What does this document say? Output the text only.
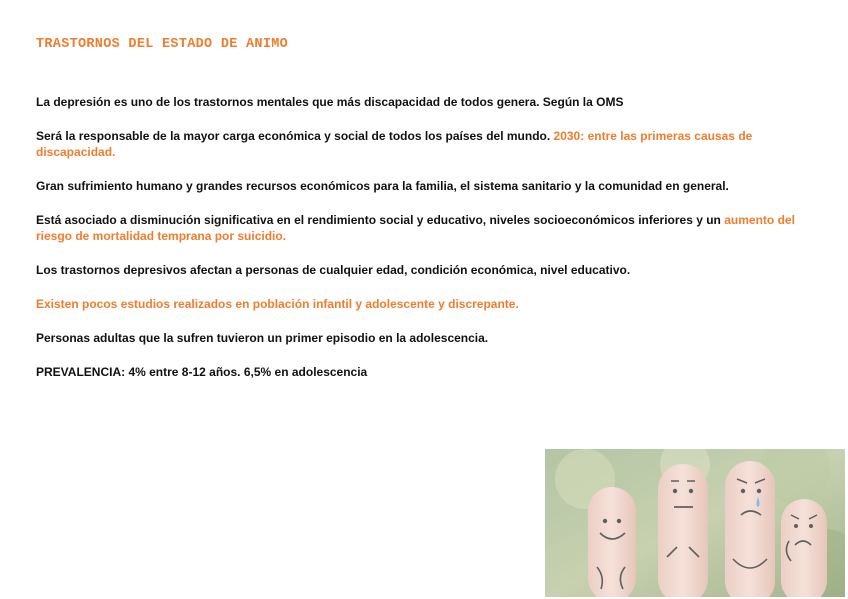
TRASTORNOS DEL ESTADO DE ANIMO

La depresión es uno de los trastornos mentales que más discapacidad de todos genera. Según la OMS

Será la responsable de la mayor carga económica y social de todos los países del mundo. 2030: entre las primeras causas de discapacidad.

Gran sufrimiento humano y grandes recursos económicos para la familia, el sistema sanitario y la comunidad en general.

Está asociado a disminución significativa en el rendimiento social y educativo, niveles socioeconómicos inferiores y un aumento del riesgo de mortalidad temprana por suicidio.

Los trastornos depresivos afectan a personas de cualquier edad, condición económica, nivel educativo.

Existen pocos estudios realizados en población infantil y adolescente y discrepante.

Personas adultas que la sufren tuvieron un primer episodio en la adolescencia.

PREVALENCIA: 4% entre 8-12 años. 6,5% en adolescencia
